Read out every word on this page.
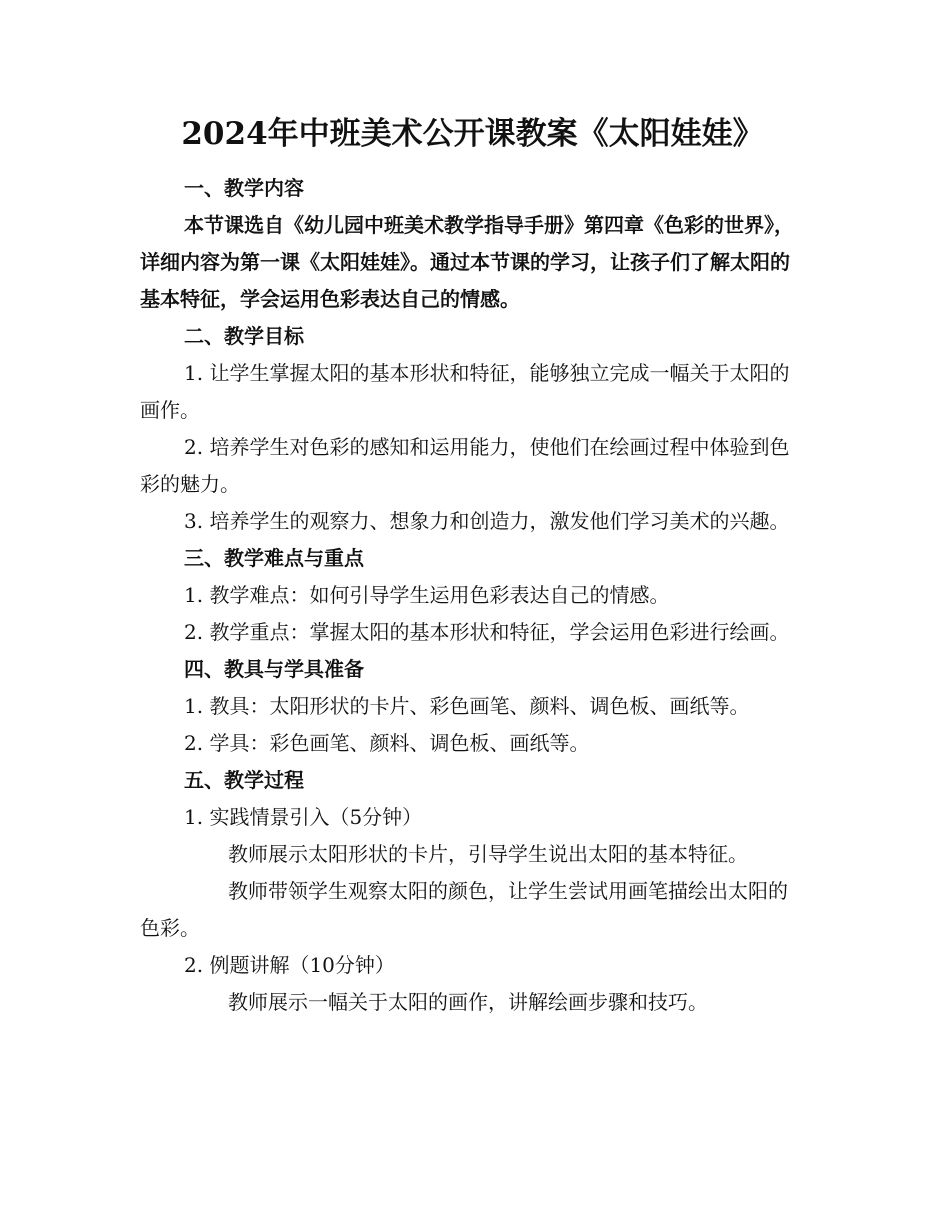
2024年中班美术公开课教案《太阳娃娃》

一、教学内容

本节课选自《幼儿园中班美术教学指导手册》第四章《色彩的世界》，详细内容为第一课《太阳娃娃》。通过本节课的学习，让孩子们了解太阳的基本特征，学会运用色彩表达自己的情感。

二、教学目标

1. 让学生掌握太阳的基本形状和特征，能够独立完成一幅关于太阳的画作。

2. 培养学生对色彩的感知和运用能力，使他们在绘画过程中体验到色彩的魅力。

3. 培养学生的观察力、想象力和创造力，激发他们学习美术的兴趣。

三、教学难点与重点

1. 教学难点：如何引导学生运用色彩表达自己的情感。

2. 教学重点：掌握太阳的基本形状和特征，学会运用色彩进行绘画。

四、教具与学具准备

1. 教具：太阳形状的卡片、彩色画笔、颜料、调色板、画纸等。

2. 学具：彩色画笔、颜料、调色板、画纸等。

五、教学过程

1. 实践情景引入（5分钟）

教师展示太阳形状的卡片，引导学生说出太阳的基本特征。

教师带领学生观察太阳的颜色，让学生尝试用画笔描绘出太阳的色彩。

2. 例题讲解（10分钟）

教师展示一幅关于太阳的画作，讲解绘画步骤和技巧。
